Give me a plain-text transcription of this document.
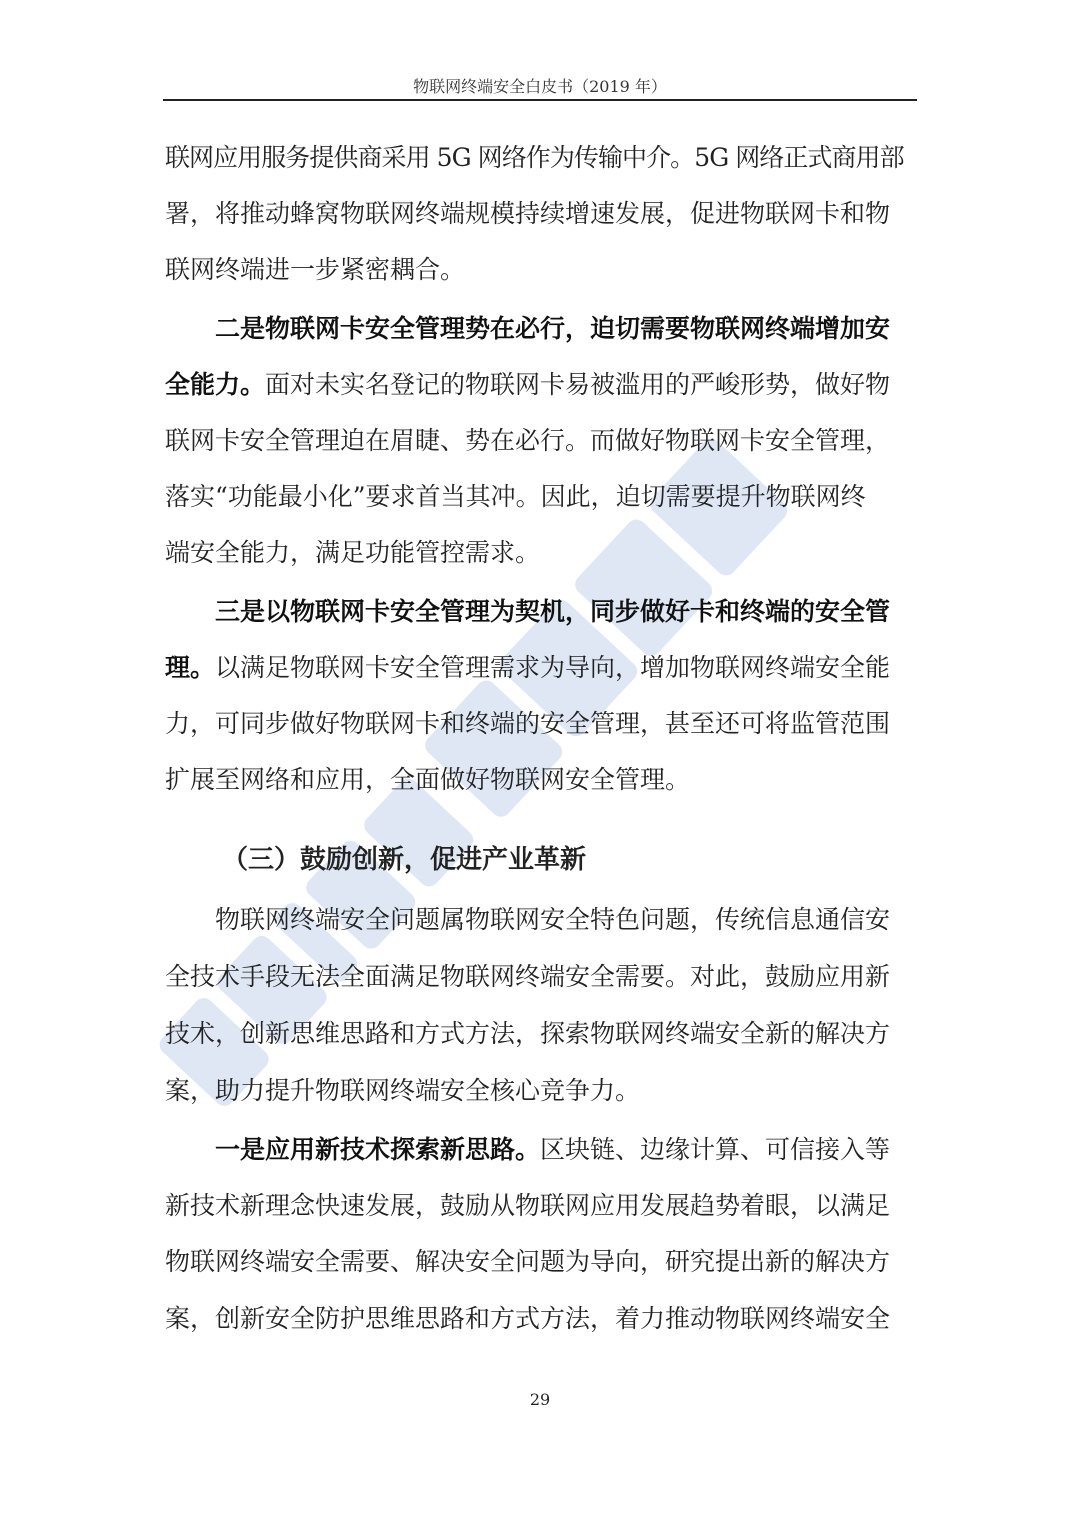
物联网终端安全白皮书（2019 年）
联网应用服务提供商采用 5G 网络作为传输中介。5G 网络正式商用部
署，将推动蜂窝物联网终端规模持续增速发展，促进物联网卡和物
联网终端进一步紧密耦合。
二是物联网卡安全管理势在必行，迫切需要物联网终端增加安
全能力。面对未实名登记的物联网卡易被滥用的严峻形势，做好物
联网卡安全管理迫在眉睫、势在必行。而做好物联网卡安全管理，
落实“功能最小化”要求首当其冲。因此，迫切需要提升物联网终
端安全能力，满足功能管控需求。
三是以物联网卡安全管理为契机，同步做好卡和终端的安全管
理。以满足物联网卡安全管理需求为导向，增加物联网终端安全能
力，可同步做好物联网卡和终端的安全管理，甚至还可将监管范围
扩展至网络和应用，全面做好物联网安全管理。
物联网终端安全问题属物联网安全特色问题，传统信息通信安
全技术手段无法全面满足物联网终端安全需要。对此，鼓励应用新
技术，创新思维思路和方式方法，探索物联网终端安全新的解决方
案，助力提升物联网终端安全核心竞争力。
一是应用新技术探索新思路。区块链、边缘计算、可信接入等
新技术新理念快速发展，鼓励从物联网应用发展趋势着眼，以满足
物联网终端安全需要、解决安全问题为导向，研究提出新的解决方
案，创新安全防护思维思路和方式方法，着力推动物联网终端安全
（三）鼓励创新，促进产业革新
29
